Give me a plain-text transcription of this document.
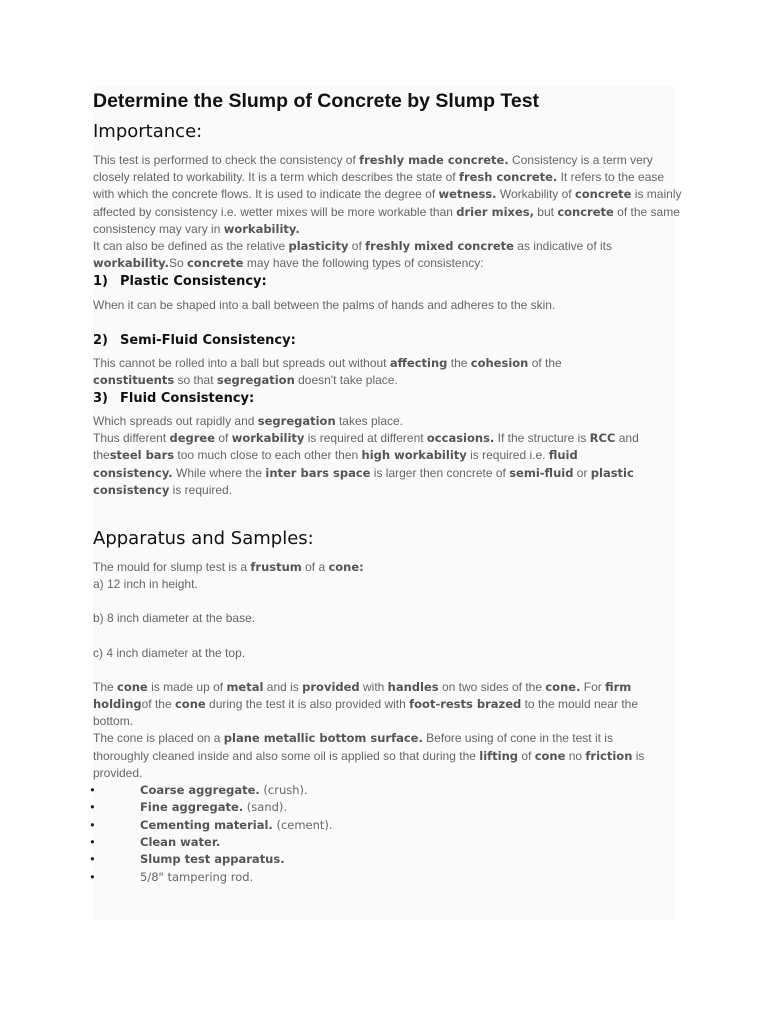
Determine the Slump of Concrete by Slump Test
Importance:

This test is performed to check the consistency of freshly made concrete. Consistency is a term very closely related to workability. It is a term which describes the state of fresh concrete. It refers to the ease with which the concrete flows. It is used to indicate the degree of wetness. Workability of concrete is mainly affected by consistency i.e. wetter mixes will be more workable than drier mixes, but concrete of the same consistency may vary in workability.

It can also be defined as the relative plasticity of freshly mixed concrete as indicative of its workability.So concrete may have the following types of consistency:

1) Plastic Consistency:

When it can be shaped into a ball between the palms of hands and adheres to the skin.

2) Semi-Fluid Consistency:

This cannot be rolled into a ball but spreads out without affecting the cohesion of the constituents so that segregation doesn't take place.

3) Fluid Consistency:

Which spreads out rapidly and segregation takes place.

Thus different degree of workability is required at different occasions. If the structure is RCC and thesteel bars too much close to each other then high workability is required i.e. fluid consistency. While where the inter bars space is larger then concrete of semi-fluid or plastic consistency is required.

Apparatus and Samples:

The mould for slump test is a frustum of a cone:

a) 12 inch in height.

b) 8 inch diameter at the base.

c) 4 inch diameter at the top.

The cone is made up of metal and is provided with handles on two sides of the cone. For firm holdingof the cone during the test it is also provided with foot-rests brazed to the mould near the bottom.

The cone is placed on a plane metallic bottom surface. Before using of cone in the test it is thoroughly cleaned inside and also some oil is applied so that during the lifting of cone no friction is provided.

• Coarse aggregate. (crush).
• Fine aggregate. (sand).
• Cementing material. (cement).
• Clean water.
• Slump test apparatus.
• 5/8" tampering rod.
